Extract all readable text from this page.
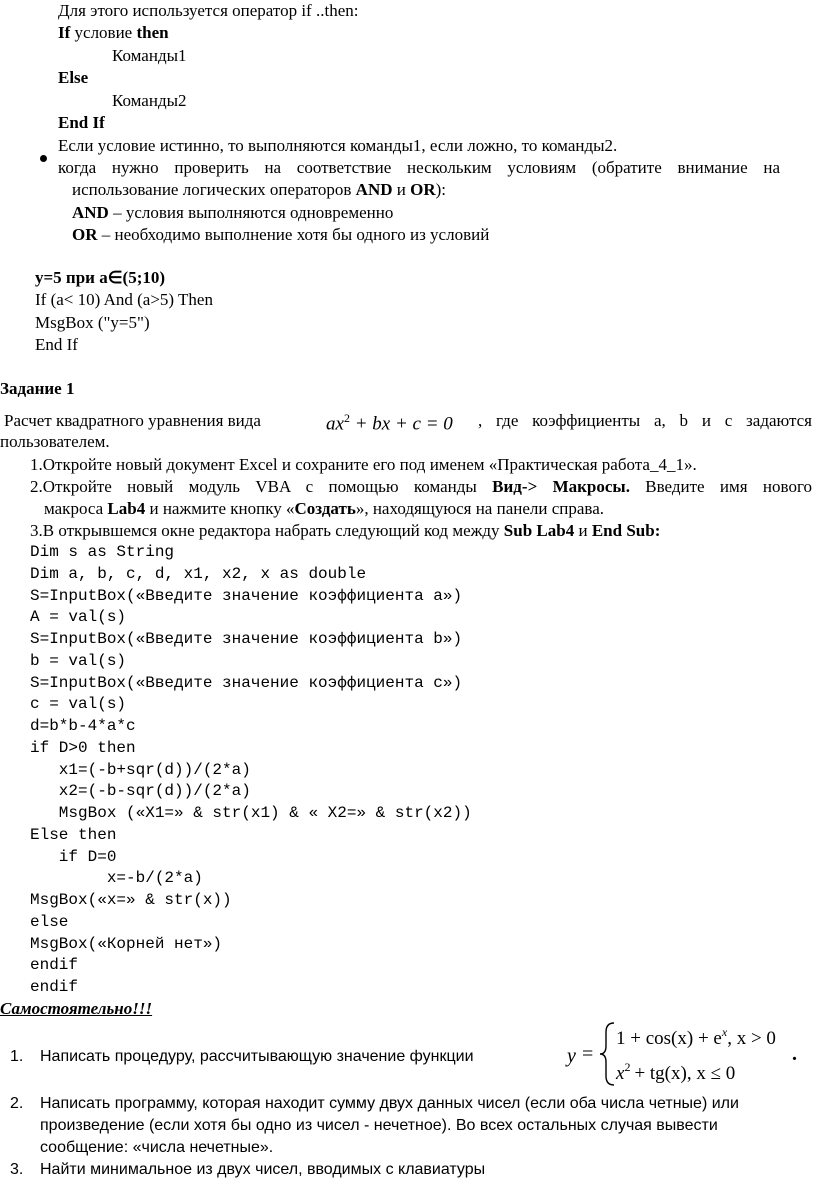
Для этого используется оператор if ..then:
If условие then
Команды1
Else
Команды2
End If
Если условие истинно, то выполняются команды1, если ложно, то команды2.
когда нужно проверить на соответствие нескольким условиям (обратите внимание на
использование логических операторов AND и OR):
AND – условия выполняются одновременно
OR – необходимо выполнение хотя бы одного из условий
y=5 при a∈(5;10)
If (a< 10) And (a>5) Then
MsgBox ("y=5")
End If
Задание 1
Расчет квадратного уравнения вида	$ax^2$ + bx + c = 0 , где коэффициенты a, b и c задаются
пользователем.
1.Откройте новый документ Excel и сохраните его под именем «Практическая работа_4_1».
2.Откройте новый модуль VBA с помощью команды Вид-> Макросы. Введите имя нового
макроса Lab4 и нажмите кнопку «Создать», находящуюся на панели справа.
3.В открывшемся окне редактора набрать следующий код между Sub Lab4 и End Sub:
Dim s as String
Dim a, b, c, d, x1, x2, x as double
S=InputBox(«Введите значение коэффициента a»)
A = val(s)
S=InputBox(«Введите значение коэффициента b»)
b = val(s)
S=InputBox(«Введите значение коэффициента c»)
c = val(s)
d=b*b-4*a*c
if D>0 then
x1=(-b+sqr(d))/(2*a)
x2=(-b-sqr(d))/(2*a)
MsgBox («X1=» & str(x1) & « X2=» & str(x2))
Else then
if D=0
x=-b/(2*a)
MsgBox(«x=» & str(x))
else
MsgBox(«Корней нет»)
endif
endif
Самостоятельно!!!
1. Написать процедуру, рассчитывающую значение функции	y =
$1 + \cos(x) + e^x$, x > 0
$x^2 + tg(x)$, x ≤ 0
.
2. Написать программу, которая находит сумму двух данных чисел (если оба числа четные) или
произведение (если хотя бы одно из чисел - нечетное). Во всех остальных случая вывести
сообщение: «числа нечетные».
3. Найти минимальное из двух чисел, вводимых с клавиатуры
